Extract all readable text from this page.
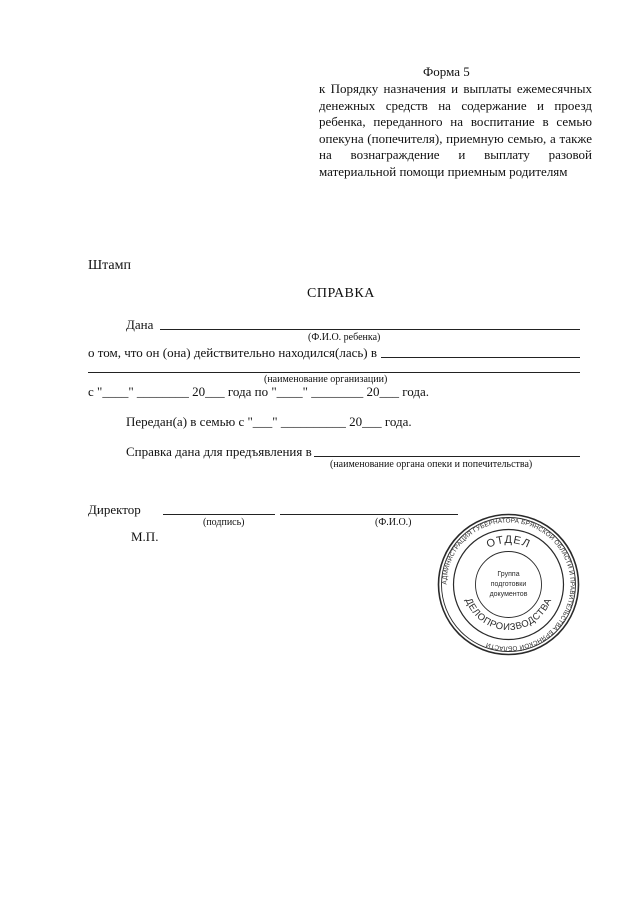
Форма 5
к Порядку назначения и выплаты ежемесячных денежных средств на содержание и проезд ребенка, переданного на воспитание в семью опекуна (попечителя), приемную семью, а также на вознаграждение и выплату разовой материальной помощи приемным родителям
Штамп
СПРАВКА
Дана
(Ф.И.О. ребенка)
о том, что он (она) действительно находился(лась) в
(наименование организации)
с "____" ________ 20___ года по "____" ________ 20___ года.
Передан(а) в семью с "___" __________ 20___ года.
Справка дана для предъявления в
(наименование органа опеки и попечительства)
Директор
(подпись)	(Ф.И.О.)
М.П.
АДМИНИСТРАЦИЯ ГУБЕРНАТОРА БРЯНСКОЙ ОБЛАСТИ И ПРАВИТЕЛЬСТВА БРЯНСКОЙ ОБЛАСТИ
ОТДЕЛ
ДЕЛОПРОИЗВОДСТВА
Группа
подготовки
документов
